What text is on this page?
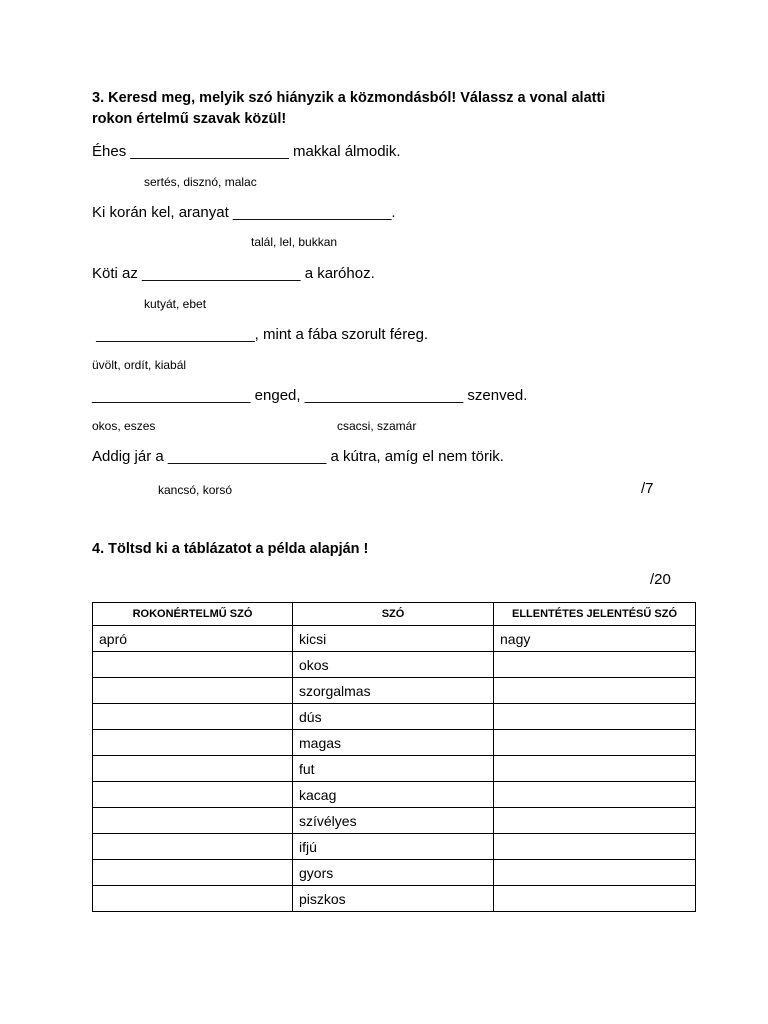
3. Keresd meg, melyik szó hiányzik a közmondásból! Válassz a vonal alatti
rokon értelmű szavak közül!
Éhes ___________________ makkal álmodik.
sertés, disznó, malac
Ki korán kel, aranyat ___________________.
talál, lel, bukkan
Köti az ___________________ a karóhoz.
kutyát, ebet
___________________, mint a fába szorult féreg.
üvölt, ordít, kiabál
___________________ enged, ___________________ szenved.
okos, eszes	csacsi, szamár
Addig jár a ___________________ a kútra, amíg el nem törik.
kancsó, korsó	/7
4. Töltsd ki a táblázatot a példa alapján !
/20
ROKONÉRTELMŰ SZÓ	SZÓ	ELLENTÉTES JELENTÉSŰ SZÓ
apró	kicsi	nagy
	okos	
	szorgalmas	
	dús	
	magas	
	fut	
	kacag	
	szívélyes	
	ifjú	
	gyors	
	piszkos	
